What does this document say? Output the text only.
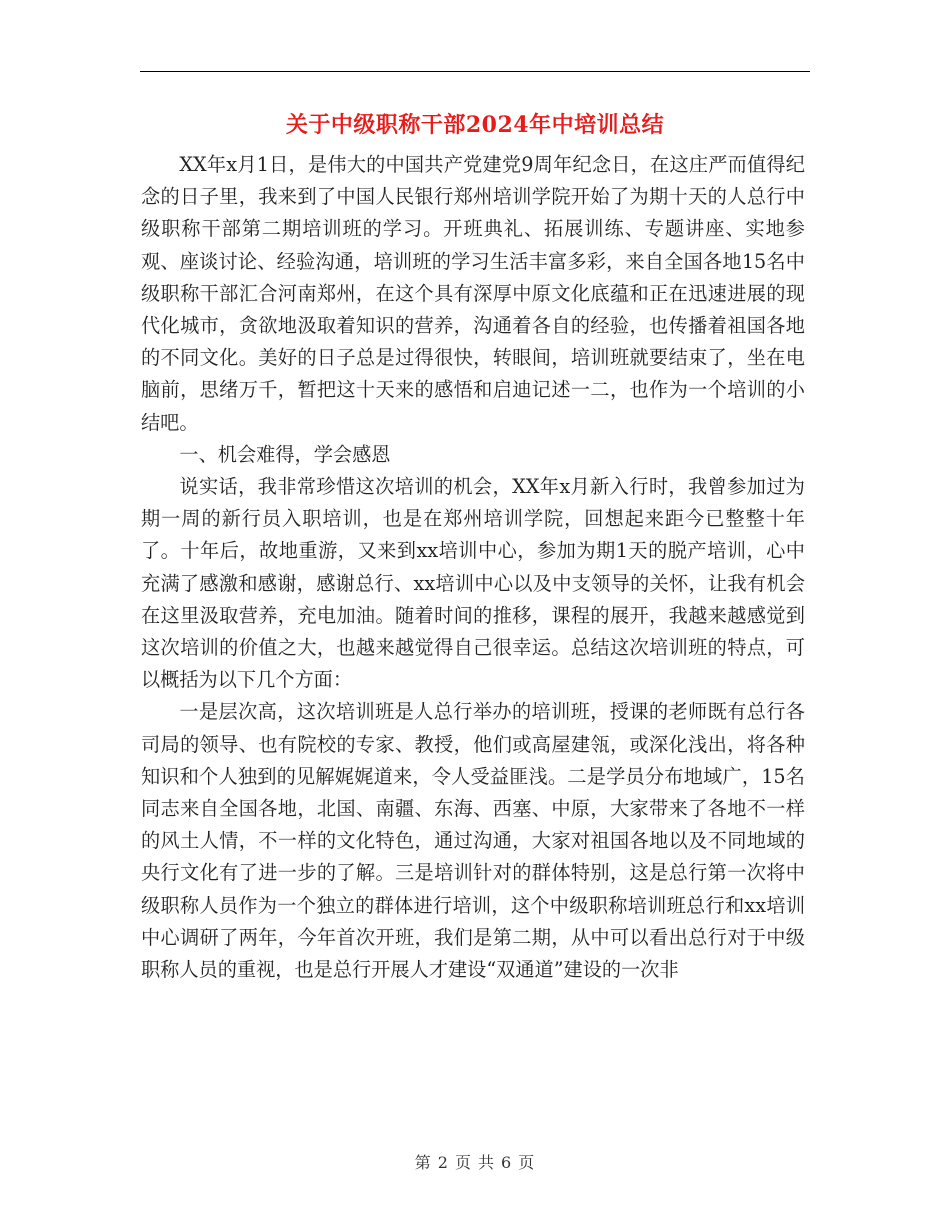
关于中级职称干部2024年中培训总结

XX年x月1日，是伟大的中国共产党建党9周年纪念日，在这庄严而值得纪念的日子里，我来到了中国人民银行郑州培训学院开始了为期十天的人总行中级职称干部第二期培训班的学习。开班典礼、拓展训练、专题讲座、实地参观、座谈讨论、经验沟通，培训班的学习生活丰富多彩，来自全国各地15名中级职称干部汇合河南郑州，在这个具有深厚中原文化底蕴和正在迅速进展的现代化城市，贪欲地汲取着知识的营养，沟通着各自的经验，也传播着祖国各地的不同文化。美好的日子总是过得很快，转眼间，培训班就要结束了，坐在电脑前，思绪万千，暂把这十天来的感悟和启迪记述一二，也作为一个培训的小结吧。

一、机会难得，学会感恩

说实话，我非常珍惜这次培训的机会，XX年x月新入行时，我曾参加过为期一周的新行员入职培训，也是在郑州培训学院，回想起来距今已整整十年了。十年后，故地重游，又来到xx培训中心，参加为期1天的脱产培训，心中充满了感激和感谢，感谢总行、xx培训中心以及中支领导的关怀，让我有机会在这里汲取营养，充电加油。随着时间的推移，课程的展开，我越来越感觉到这次培训的价值之大，也越来越觉得自己很幸运。总结这次培训班的特点，可以概括为以下几个方面：

一是层次高，这次培训班是人总行举办的培训班，授课的老师既有总行各司局的领导、也有院校的专家、教授，他们或高屋建瓴，或深化浅出，将各种知识和个人独到的见解娓娓道来，令人受益匪浅。二是学员分布地域广，15名同志来自全国各地，北国、南疆、东海、西塞、中原，大家带来了各地不一样的风土人情，不一样的文化特色，通过沟通，大家对祖国各地以及不同地域的央行文化有了进一步的了解。三是培训针对的群体特别，这是总行第一次将中级职称人员作为一个独立的群体进行培训，这个中级职称培训班总行和xx培训中心调研了两年，今年首次开班，我们是第二期，从中可以看出总行对于中级职称人员的重视，也是总行开展人才建设“双通道”建设的一次非

第 2 页 共 6 页
